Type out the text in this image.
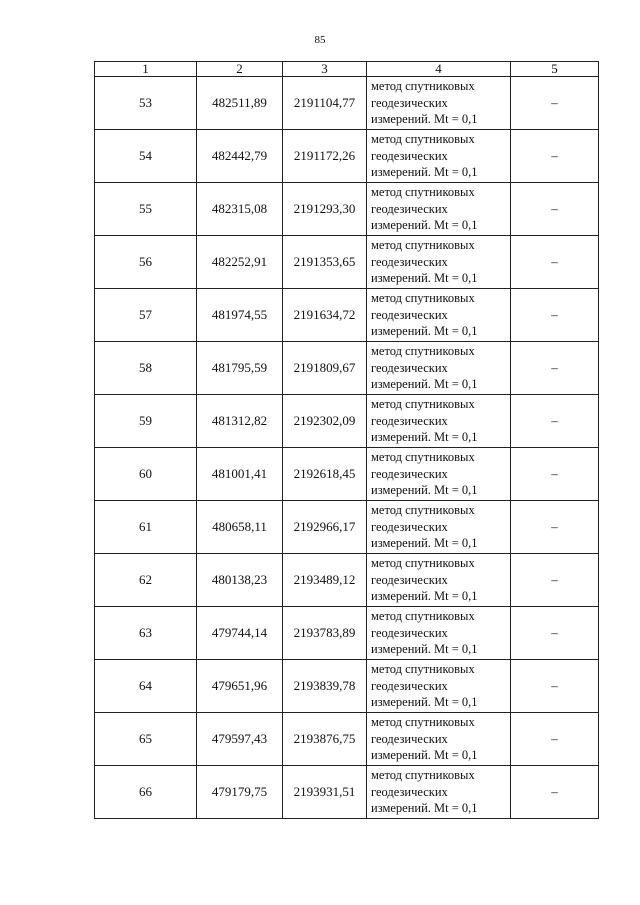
85
1	2	3	4	5
53	482511,89	2191104,77	метод спутниковых
геодезических
измерений. Mt = 0,1	–
54	482442,79	2191172,26	метод спутниковых
геодезических
измерений. Mt = 0,1	–
55	482315,08	2191293,30	метод спутниковых
геодезических
измерений. Mt = 0,1	–
56	482252,91	2191353,65	метод спутниковых
геодезических
измерений. Mt = 0,1	–
57	481974,55	2191634,72	метод спутниковых
геодезических
измерений. Mt = 0,1	–
58	481795,59	2191809,67	метод спутниковых
геодезических
измерений. Mt = 0,1	–
59	481312,82	2192302,09	метод спутниковых
геодезических
измерений. Mt = 0,1	–
60	481001,41	2192618,45	метод спутниковых
геодезических
измерений. Mt = 0,1	–
61	480658,11	2192966,17	метод спутниковых
геодезических
измерений. Mt = 0,1	–
62	480138,23	2193489,12	метод спутниковых
геодезических
измерений. Mt = 0,1	–
63	479744,14	2193783,89	метод спутниковых
геодезических
измерений. Mt = 0,1	–
64	479651,96	2193839,78	метод спутниковых
геодезических
измерений. Mt = 0,1	–
65	479597,43	2193876,75	метод спутниковых
геодезических
измерений. Mt = 0,1	–
66	479179,75	2193931,51	метод спутниковых
геодезических
измерений. Mt = 0,1	–
